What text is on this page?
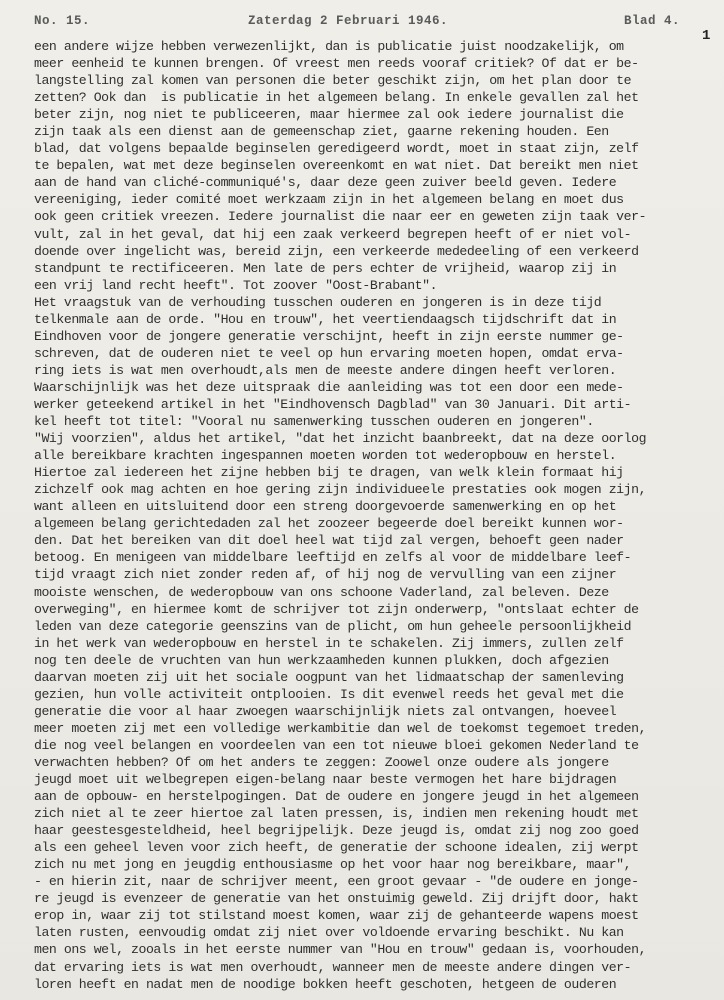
No. 15.	Zaterdag 2 Februari 1946.	Blad 4.
1
een andere wijze hebben verwezenlijkt, dan is publicatie juist noodzakelijk, om
meer eenheid te kunnen brengen. Of vreest men reeds vooraf critiek? Of dat er be-
langstelling zal komen van personen die beter geschikt zijn, om het plan door te
zetten? Ook dan  is publicatie in het algemeen belang. In enkele gevallen zal het
beter zijn, nog niet te publiceeren, maar hiermee zal ook iedere journalist die
zijn taak als een dienst aan de gemeenschap ziet, gaarne rekening houden. Een
blad, dat volgens bepaalde beginselen geredigeerd wordt, moet in staat zijn, zelf
te bepalen, wat met deze beginselen overeenkomt en wat niet. Dat bereikt men niet
aan de hand van cliché-communiqué's, daar deze geen zuiver beeld geven. Iedere
vereeniging, ieder comité moet werkzaam zijn in het algemeen belang en moet dus
ook geen critiek vreezen. Iedere journalist die naar eer en geweten zijn taak ver-
vult, zal in het geval, dat hij een zaak verkeerd begrepen heeft of er niet vol-
doende over ingelicht was, bereid zijn, een verkeerde mededeeling of een verkeerd
standpunt te rectificeeren. Men late de pers echter de vrijheid, waarop zij in
een vrij land recht heeft". Tot zoover "Oost-Brabant".
Het vraagstuk van de verhouding tusschen ouderen en jongeren is in deze tijd
telkenmale aan de orde. "Hou en trouw", het veertiendaagsch tijdschrift dat in
Eindhoven voor de jongere generatie verschijnt, heeft in zijn eerste nummer ge-
schreven, dat de ouderen niet te veel op hun ervaring moeten hopen, omdat erva-
ring iets is wat men overhoudt,als men de meeste andere dingen heeft verloren.
Waarschijnlijk was het deze uitspraak die aanleiding was tot een door een mede-
werker geteekend artikel in het "Eindhovensch Dagblad" van 30 Januari. Dit arti-
kel heeft tot titel: "Vooral nu samenwerking tusschen ouderen en jongeren".
"Wij voorzien", aldus het artikel, "dat het inzicht baanbreekt, dat na deze oorlog
alle bereikbare krachten ingespannen moeten worden tot wederopbouw en herstel.
Hiertoe zal iedereen het zijne hebben bij te dragen, van welk klein formaat hij
zichzelf ook mag achten en hoe gering zijn individueele prestaties ook mogen zijn,
want alleen en uitsluitend door een streng doorgevoerde samenwerking en op het
algemeen belang gerichtedaden zal het zoozeer begeerde doel bereikt kunnen wor-
den. Dat het bereiken van dit doel heel wat tijd zal vergen, behoeft geen nader
betoog. En menigeen van middelbare leeftijd en zelfs al voor de middelbare leef-
tijd vraagt zich niet zonder reden af, of hij nog de vervulling van een zijner
mooiste wenschen, de wederopbouw van ons schoone Vaderland, zal beleven. Deze
overweging", en hiermee komt de schrijver tot zijn onderwerp, "ontslaat echter de
leden van deze categorie geenszins van de plicht, om hun geheele persoonlijkheid
in het werk van wederopbouw en herstel in te schakelen. Zij immers, zullen zelf
nog ten deele de vruchten van hun werkzaamheden kunnen plukken, doch afgezien
daarvan moeten zij uit het sociale oogpunt van het lidmaatschap der samenleving
gezien, hun volle activiteit ontplooien. Is dit evenwel reeds het geval met die
generatie die voor al haar zwoegen waarschijnlijk niets zal ontvangen, hoeveel
meer moeten zij met een volledige werkambitie dan wel de toekomst tegemoet treden,
die nog veel belangen en voordeelen van een tot nieuwe bloei gekomen Nederland te
verwachten hebben? Of om het anders te zeggen: Zoowel onze oudere als jongere
jeugd moet uit welbegrepen eigen-belang naar beste vermogen het hare bijdragen
aan de opbouw- en herstelpogingen. Dat de oudere en jongere jeugd in het algemeen
zich niet al te zeer hiertoe zal laten pressen, is, indien men rekening houdt met
haar geestesgesteldheid, heel begrijpelijk. Deze jeugd is, omdat zij nog zoo goed
als een geheel leven voor zich heeft, de generatie der schoone idealen, zij werpt
zich nu met jong en jeugdig enthousiasme op het voor haar nog bereikbare, maar",
- en hierin zit, naar de schrijver meent, een groot gevaar - "de oudere en jonge-
re jeugd is evenzeer de generatie van het onstuimig geweld. Zij drijft door, hakt
erop in, waar zij tot stilstand moest komen, waar zij de gehanteerde wapens moest
laten rusten, eenvoudig omdat zij niet over voldoende ervaring beschikt. Nu kan
men ons wel, zooals in het eerste nummer van "Hou en trouw" gedaan is, voorhouden,
dat ervaring iets is wat men overhoudt, wanneer men de meeste andere dingen ver-
loren heeft en nadat men de noodige bokken heeft geschoten, hetgeen de ouderen
